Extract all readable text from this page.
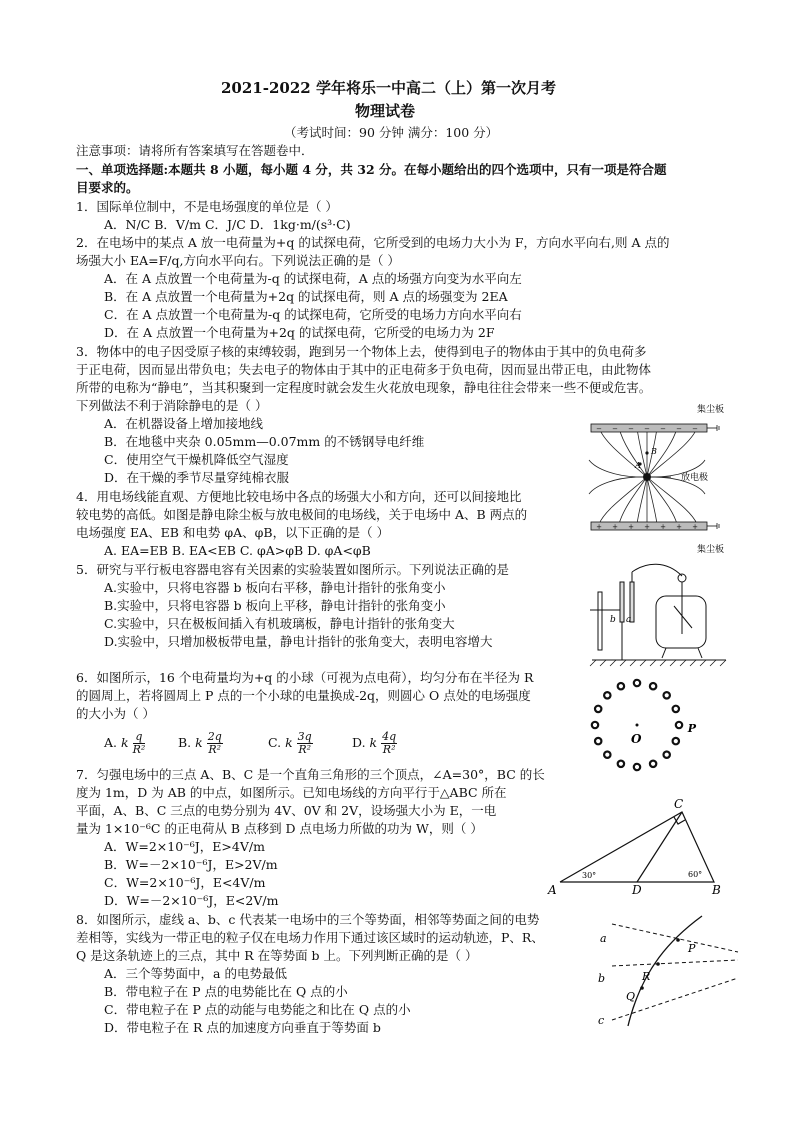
2021-2022 学年将乐一中高二（上）第一次月考
物理试卷
（考试时间：90 分钟 满分：100 分）
注意事项：请将所有答案填写在答题卷中．
一、单项选择题:本题共 8 小题，每小题 4 分，共 32 分。在每小题给出的四个选项中，只有一项是符合题
目要求的。
1．国际单位制中，不是电场强度的单位是（ ）
A．N/C B．V/m C．J/C D．1kg·m/(s³·C)
2．在电场中的某点 A 放一电荷量为+q 的试探电荷，它所受到的电场力大小为 F，方向水平向右,则 A 点的
场强大小 EA=F/q,方向水平向右。下列说法正确的是（ ）
A．在 A 点放置一个电荷量为-q 的试探电荷，A 点的场强方向变为水平向左
B．在 A 点放置一个电荷量为+2q 的试探电荷，则 A 点的场强变为 2EA
C．在 A 点放置一个电荷量为-q 的试探电荷，它所受的电场力方向水平向右
D．在 A 点放置一个电荷量为+2q 的试探电荷，它所受的电场力为 2F
3．物体中的电子因受原子核的束缚较弱，跑到另一个物体上去，使得到电子的物体由于其中的负电荷多
于正电荷，因而显出带负电；失去电子的物体由于其中的正电荷多于负电荷，因而显出带正电，由此物体
所带的电称为“静电”，当其积聚到一定程度时就会发生火花放电现象，静电往往会带来一些不便或危害。
下列做法不利于消除静电的是（ ）
A．在机器设备上增加接地线
B．在地毯中夹杂 0.05mm—0.07mm 的不锈钢导电纤维
C．使用空气干燥机降低空气湿度
D．在干燥的季节尽量穿纯棉衣服
4．用电场线能直观、方便地比较电场中各点的场强大小和方向，还可以间接地比
较电势的高低。如图是静电除尘板与放电极间的电场线，关于电场中 A、B 两点的
电场强度 EA、EB 和电势 φA、φB，以下正确的是（ ）
A. EA=EB B. EA<EB C. φA>φB D. φA<φB
5．研究与平行板电容器电容有关因素的实验装置如图所示。下列说法正确的是
A.实验中，只将电容器 b 板向右平移，静电计指针的张角变小
B.实验中，只将电容器 b 板向上平移，静电计指针的张角变小
C.实验中，只在极板间插入有机玻璃板，静电计指针的张角变大
D.实验中，只增加极板带电量，静电计指针的张角变大，表明电容增大
6．如图所示，16 个电荷量均为+q 的小球（可视为点电荷），均匀分布在半径为 R
的圆周上，若将圆周上 P 点的一个小球的电量换成-2q，则圆心 O 点处的电场强度
的大小为（ ）
A. k $\frac{q}{\text{R²}}$	B. k $\frac{2q}{\text{R²}}$	C. k $\frac{3q}{\text{R²}}$	D. k $\frac{4q}{\text{R²}}$
7．匀强电场中的三点 A、B、C 是一个直角三角形的三个顶点，∠A=30°，BC 的长
度为 1m，D 为 AB 的中点，如图所示。已知电场线的方向平行于△ABC 所在
平面，A、B、C 三点的电势分别为 4V、0V 和 2V，设场强大小为 E，一电
量为 1×10⁻⁶C 的正电荷从 B 点移到 D 点电场力所做的功为 W，则（ ）
A．W=2×10⁻⁶J，E>4V/m
B．W=－2×10⁻⁶J，E>2V/m
C．W=2×10⁻⁶J，E<4V/m
D．W=－2×10⁻⁶J，E<2V/m
8．如图所示，虚线 a、b、c 代表某一电场中的三个等势面，相邻等势面之间的电势
差相等，实线为一带正电的粒子仅在电场力作用下通过该区域时的运动轨迹，P、R、
Q 是这条轨迹上的三点，其中 R 在等势面 b 上。下列判断正确的是（ ）
A．三个等势面中，a 的电势最低
B．带电粒子在 P 点的电势能比在 Q 点的小
C．带电粒子在 P 点的动能与电势能之和比在 Q 点的小
D．带电粒子在 R 点的加速度方向垂直于等势面 b
− − − − − − −
+ + + + + + +
B
A
集尘板
放电极
集尘板
b a
O
P
A	B
C
D
30°	60°
a
b
c
P
R
Q
